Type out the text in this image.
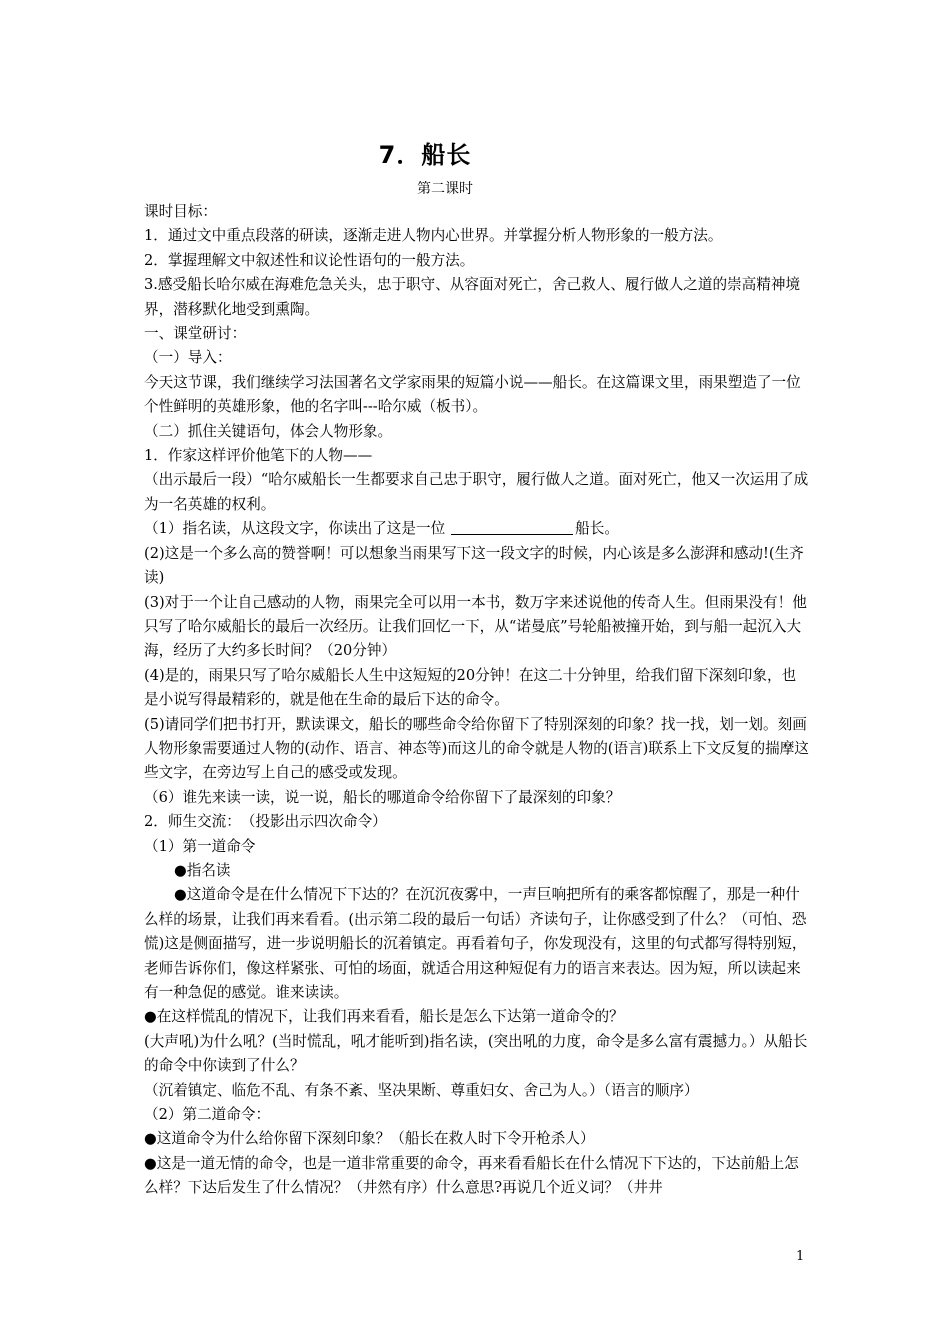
7．船长
第二课时

课时目标：

1．通过文中重点段落的研读，逐渐走进人物内心世界。并掌握分析人物形象的一般方法。

2．掌握理解文中叙述性和议论性语句的一般方法。

3.感受船长哈尔威在海难危急关头，忠于职守、从容面对死亡，舍己救人、履行做人之道的崇高精神境界，潜移默化地受到熏陶。

一、课堂研讨：

（一）导入：

今天这节课，我们继续学习法国著名文学家雨果的短篇小说——船长。在这篇课文里，雨果塑造了一位个性鲜明的英雄形象，他的名字叫---哈尔威（板书）。

（二）抓住关键语句，体会人物形象。

1．作家这样评价他笔下的人物——

（出示最后一段）“哈尔威船长一生都要求自己忠于职守，履行做人之道。面对死亡，他又一次运用了成为一名英雄的权利。

（1）指名读，从这段文字，你读出了这是一位	船长。

(2)这是一个多么高的赞誉啊！可以想象当雨果写下这一段文字的时候，内心该是多么澎湃和感动!(生齐读)

(3)对于一个让自己感动的人物，雨果完全可以用一本书，数万字来述说他的传奇人生。但雨果没有！他只写了哈尔威船长的最后一次经历。让我们回忆一下，从“诺曼底”号轮船被撞开始，到与船一起沉入大海，经历了大约多长时间？（20分钟）

(4)是的，雨果只写了哈尔威船长人生中这短短的20分钟！在这二十分钟里，给我们留下深刻印象，也是小说写得最精彩的，就是他在生命的最后下达的命令。

(5)请同学们把书打开，默读课文，船长的哪些命令给你留下了特别深刻的印象？找一找，划一划。刻画人物形象需要通过人物的(动作、语言、神态等)而这儿的命令就是人物的(语言)联系上下文反复的揣摩这些文字，在旁边写上自己的感受或发现。

（6）谁先来读一读，说一说，船长的哪道命令给你留下了最深刻的印象？

2．师生交流：　（投影出示四次命令）

（1）第一道命令

●指名读

●这道命令是在什么情况下下达的？在沉沉夜雾中，一声巨响把所有的乘客都惊醒了，那是一种什么样的场景，让我们再来看看。(出示第二段的最后一句话）齐读句子，让你感受到了什么？（可怕、恐慌)这是侧面描写，进一步说明船长的沉着镇定。再看着句子，你发现没有，这里的句式都写得特别短，老师告诉你们，像这样紧张、可怕的场面，就适合用这种短促有力的语言来表达。因为短，所以读起来有一种急促的感觉。谁来读读。

●在这样慌乱的情况下，让我们再来看看，船长是怎么下达第一道命令的？

(大声吼)为什么吼？(当时慌乱，吼才能听到)指名读，(突出吼的力度，命令是多么富有震撼力。）从船长的命令中你读到了什么？

（沉着镇定、临危不乱、有条不紊、坚决果断、尊重妇女、舍己为人。）（语言的顺序）

（2）第二道命令：

●这道命令为什么给你留下深刻印象？（船长在救人时下令开枪杀人）

●这是一道无情的命令，也是一道非常重要的命令，再来看看船长在什么情况下下达的，下达前船上怎么样？下达后发生了什么情况？（井然有序）什么意思?再说几个近义词？（井井

1
